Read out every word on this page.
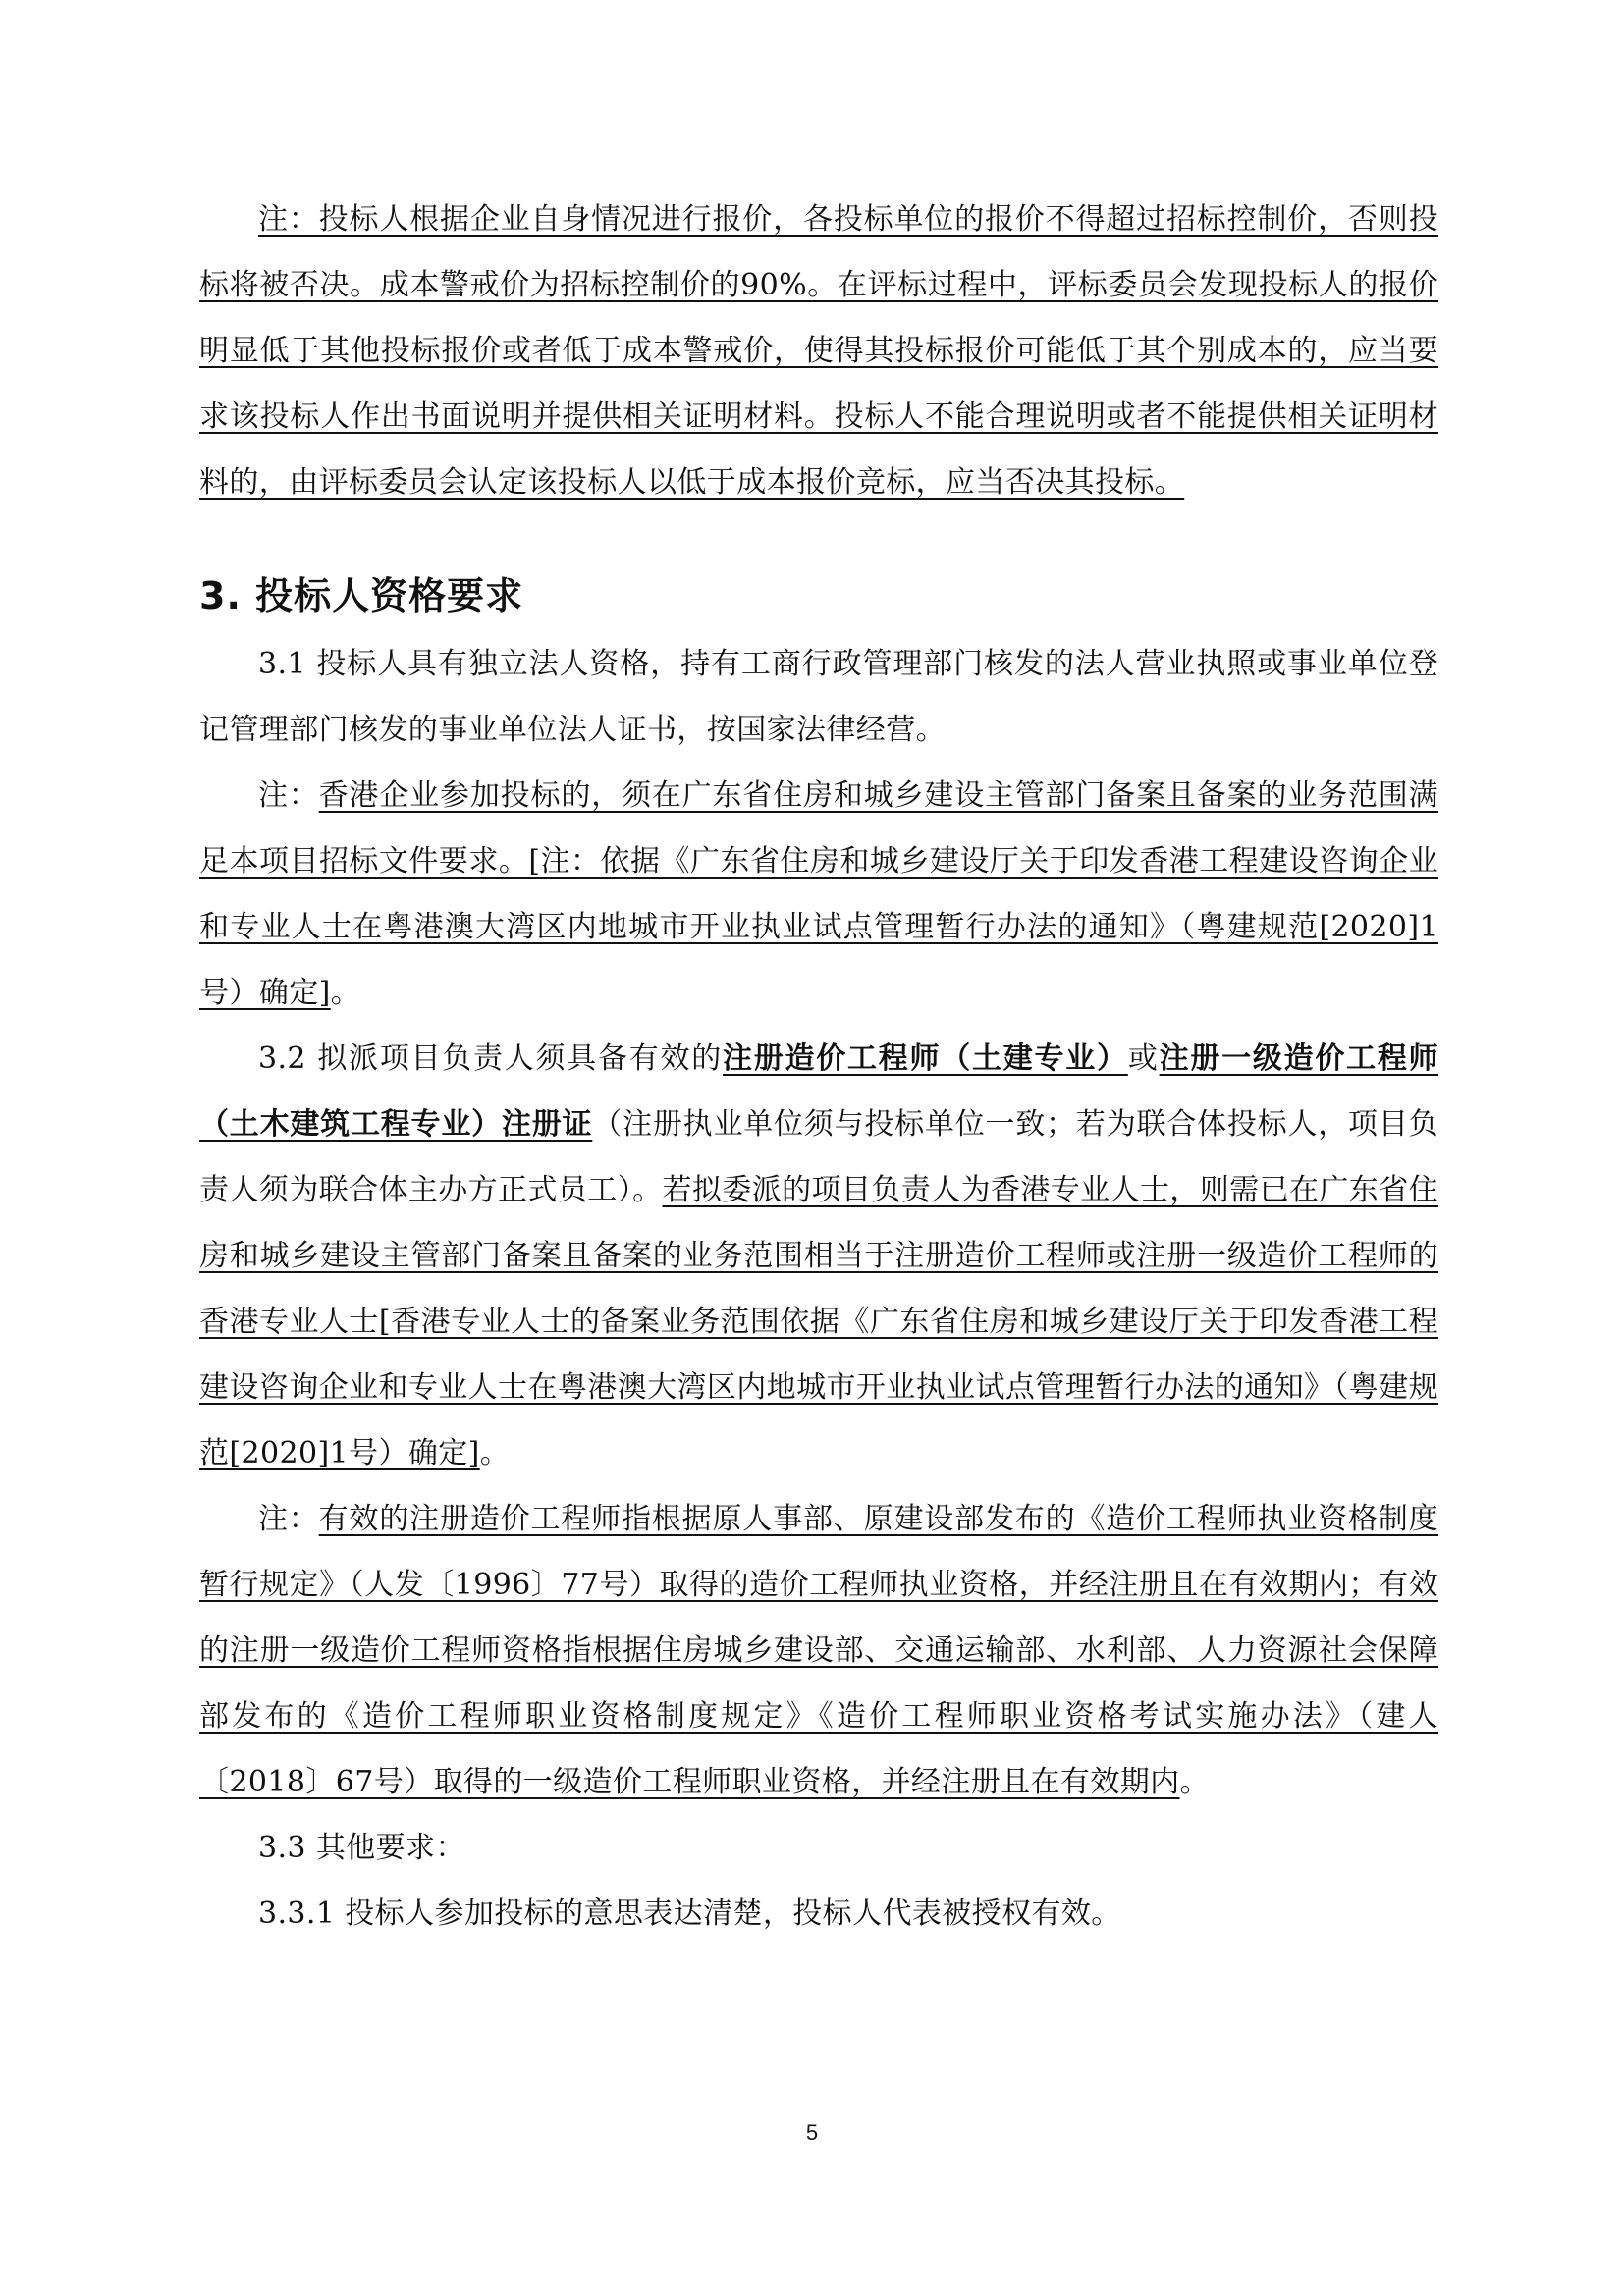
注：投标人根据企业自身情况进行报价，各投标单位的报价不得超过招标控制价，否则投标将被否决。成本警戒价为招标控制价的90%。在评标过程中，评标委员会发现投标人的报价明显低于其他投标报价或者低于成本警戒价，使得其投标报价可能低于其个别成本的，应当要求该投标人作出书面说明并提供相关证明材料。投标人不能合理说明或者不能提供相关证明材料的，由评标委员会认定该投标人以低于成本报价竞标，应当否决其投标。

3. 投标人资格要求

3.1 投标人具有独立法人资格，持有工商行政管理部门核发的法人营业执照或事业单位登记管理部门核发的事业单位法人证书，按国家法律经营。

注：香港企业参加投标的，须在广东省住房和城乡建设主管部门备案且备案的业务范围满足本项目招标文件要求。[注：依据《广东省住房和城乡建设厅关于印发香港工程建设咨询企业和专业人士在粤港澳大湾区内地城市开业执业试点管理暂行办法的通知》（粤建规范[2020]1号）确定]。

3.2 拟派项目负责人须具备有效的注册造价工程师（土建专业）或注册一级造价工程师（土木建筑工程专业）注册证（注册执业单位须与投标单位一致；若为联合体投标人，项目负责人须为联合体主办方正式员工）。若拟委派的项目负责人为香港专业人士，则需已在广东省住房和城乡建设主管部门备案且备案的业务范围相当于注册造价工程师或注册一级造价工程师的香港专业人士[香港专业人士的备案业务范围依据《广东省住房和城乡建设厅关于印发香港工程建设咨询企业和专业人士在粤港澳大湾区内地城市开业执业试点管理暂行办法的通知》（粤建规范[2020]1号）确定]。

注：有效的注册造价工程师指根据原人事部、原建设部发布的《造价工程师执业资格制度暂行规定》（人发〔1996〕77号）取得的造价工程师执业资格，并经注册且在有效期内；有效的注册一级造价工程师资格指根据住房城乡建设部、交通运输部、水利部、人力资源社会保障部发布的《造价工程师职业资格制度规定》《造价工程师职业资格考试实施办法》（建人〔2018〕67号）取得的一级造价工程师职业资格，并经注册且在有效期内。

3.3 其他要求：

3.3.1 投标人参加投标的意思表达清楚，投标人代表被授权有效。

5
